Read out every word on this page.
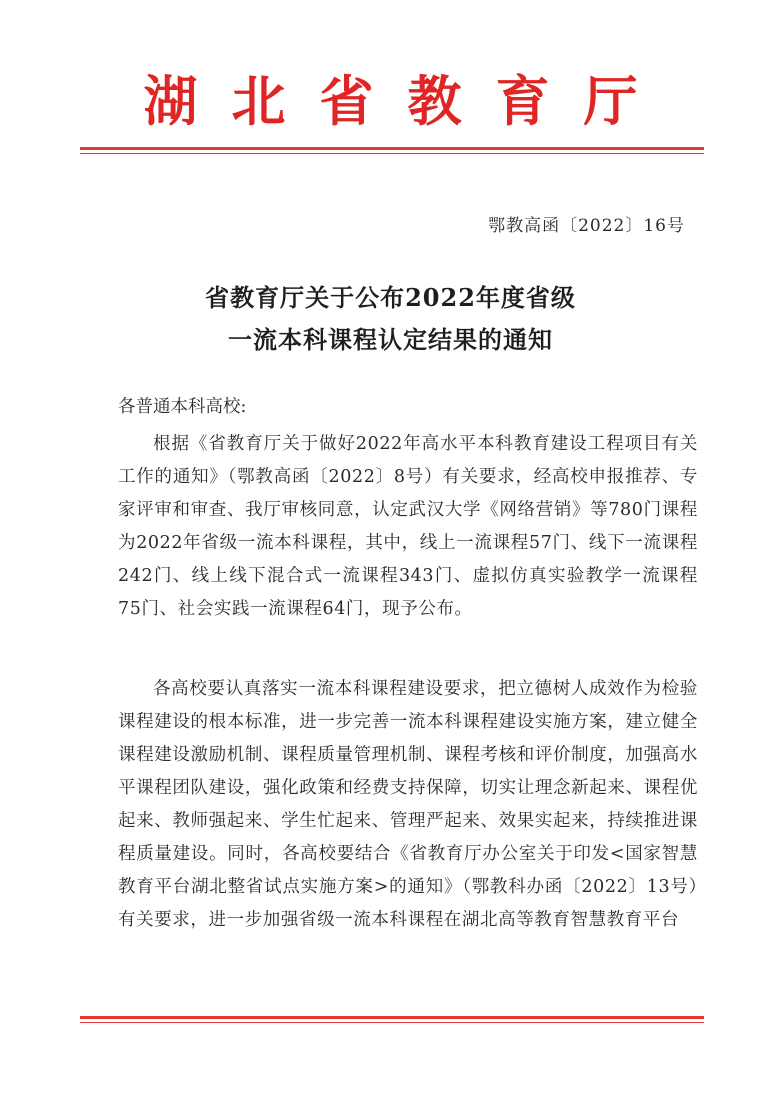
湖北省教育厅
鄂教高函〔2022〕16号
省教育厅关于公布2022年度省级
一流本科课程认定结果的通知
各普通本科高校:
根据《省教育厅关于做好2022年高水平本科教育建设工程项目有关工作的通知》（鄂教高函〔2022〕8号）有关要求，经高校申报推荐、专家评审和审查、我厅审核同意，认定武汉大学《网络营销》等780门课程为2022年省级一流本科课程，其中，线上一流课程57门、线下一流课程242门、线上线下混合式一流课程343门、虚拟仿真实验教学一流课程75门、社会实践一流课程64门，现予公布。
各高校要认真落实一流本科课程建设要求，把立德树人成效作为检验课程建设的根本标准，进一步完善一流本科课程建设实施方案，建立健全课程建设激励机制、课程质量管理机制、课程考核和评价制度，加强高水平课程团队建设，强化政策和经费支持保障，切实让理念新起来、课程优起来、教师强起来、学生忙起来、管理严起来、效果实起来，持续推进课程质量建设。同时，各高校要结合《省教育厅办公室关于印发<国家智慧教育平台湖北整省试点实施方案>的通知》（鄂教科办函〔2022〕13号）有关要求，进一步加强省级一流本科课程在湖北高等教育智慧教育平台
